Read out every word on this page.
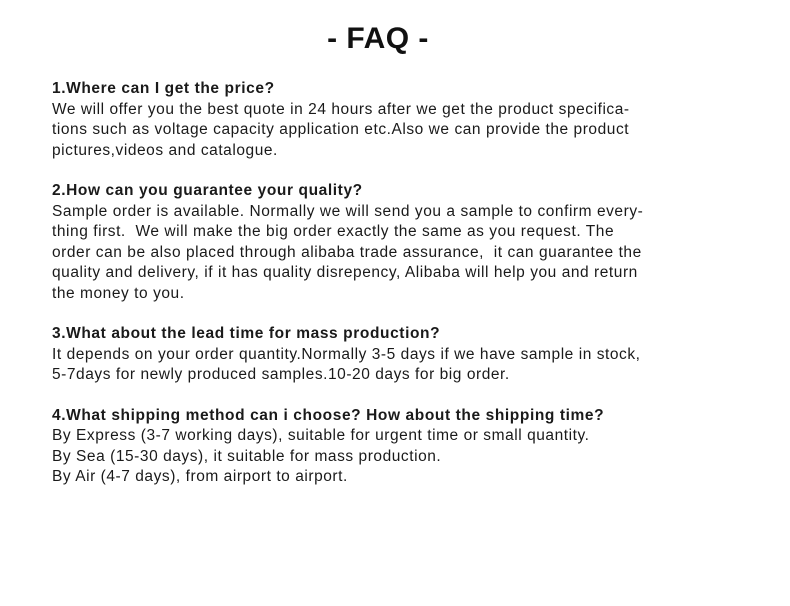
- FAQ -

1.Where can I get the price?

We will offer you the best quote in 24 hours after we get the product specifica-

tions such as voltage capacity application etc.Also we can provide the product

pictures,videos and catalogue.

2.How can you guarantee your quality?

Sample order is available. Normally we will send you a sample to confirm every-

thing first.  We will make the big order exactly the same as you request. The

order can be also placed through alibaba trade assurance,  it can guarantee the

quality and delivery, if it has quality disrepency, Alibaba will help you and return

the money to you.

3.What about the lead time for mass production?

It depends on your order quantity.Normally 3-5 days if we have sample in stock,

5-7days for newly produced samples.10-20 days for big order.

4.What shipping method can i choose? How about the shipping time?

By Express (3-7 working days), suitable for urgent time or small quantity.

By Sea (15-30 days), it suitable for mass production.

By Air (4-7 days), from airport to airport.
